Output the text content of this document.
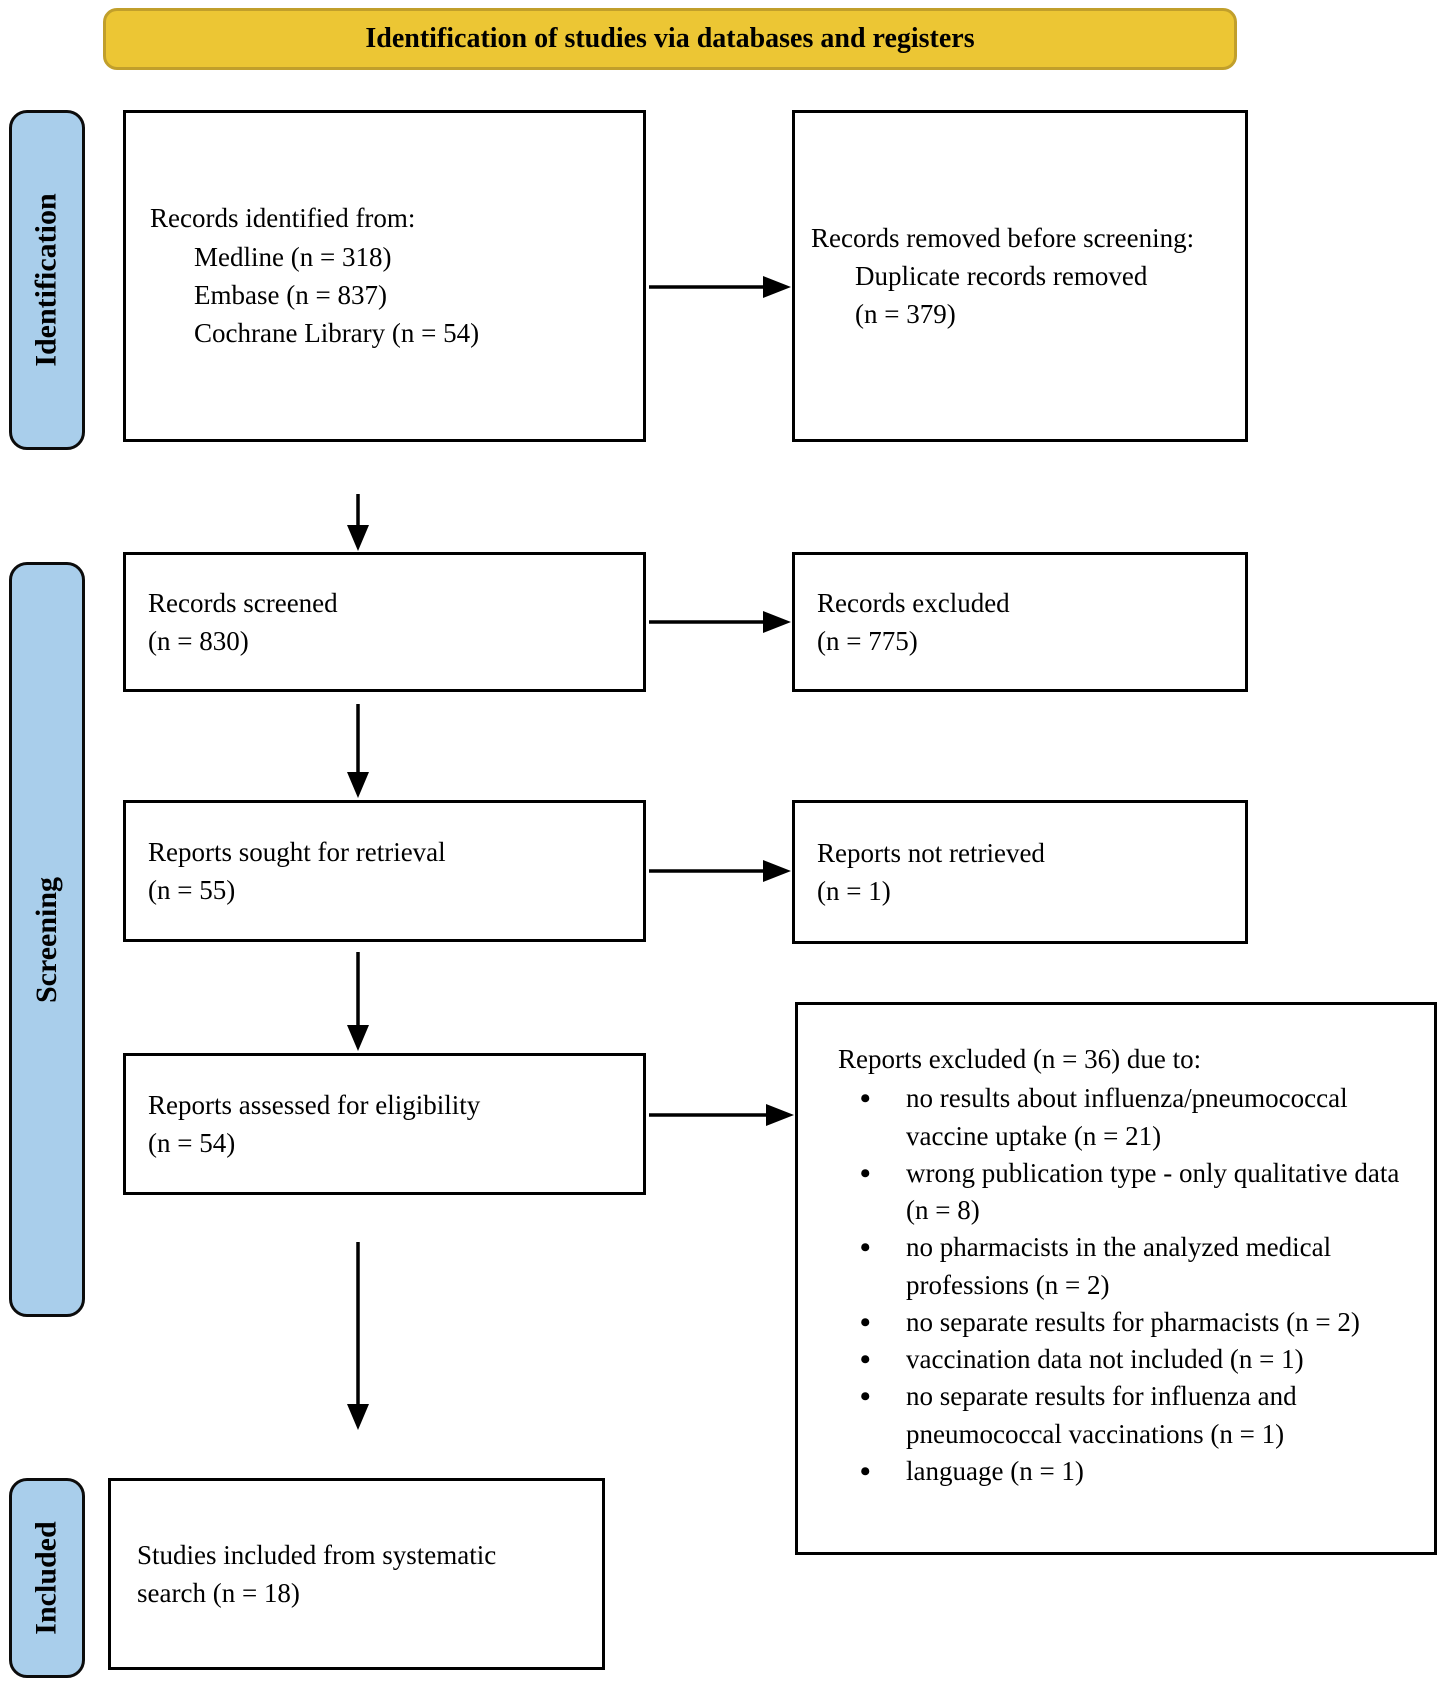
Identification of studies via databases and registers
Identification
Screening
Included
Records identified from:
Medline (n = 318)
Embase (n = 837)
Cochrane Library (n = 54)
Records removed before screening:
Duplicate records removed
(n = 379)
Records screened
(n = 830)
Records excluded
(n = 775)
Reports sought for retrieval
(n = 55)
Reports not retrieved
(n = 1)
Reports assessed for eligibility
(n = 54)
Reports excluded (n = 36) due to:
• no results about influenza/pneumococcal vaccine uptake (n = 21)
• wrong publication type - only qualitative data (n = 8)
• no pharmacists in the analyzed medical professions (n = 2)
• no separate results for pharmacists (n = 2)
• vaccination data not included (n = 1)
• no separate results for influenza and pneumococcal vaccinations (n = 1)
• language (n = 1)
Studies included from systematic
search (n = 18)
